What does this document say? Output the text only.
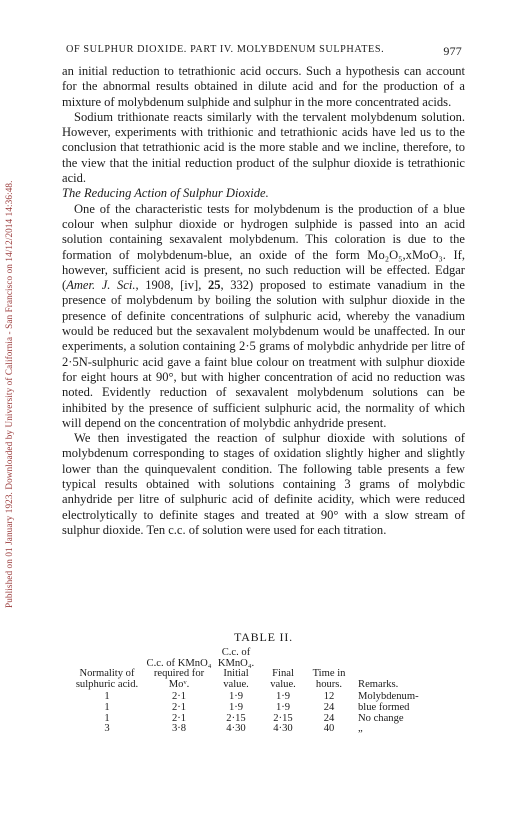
Published on 01 January 1923. Downloaded by University of California - San Francisco on 14/12/2014 14:36:48.
OF SULPHUR DIOXIDE. PART IV. MOLYBDENUM SULPHATES.	977

an initial reduction to tetrathionic acid occurs. Such a hypothesis can account for the abnormal results obtained in dilute acid and for the production of a mixture of molybdenum sulphide and sulphur in the more concentrated acids.

Sodium trithionate reacts similarly with the tervalent molybdenum solution. However, experiments with trithionic and tetrathionic acids have led us to the conclusion that tetrathionic acid is the more stable and we incline, therefore, to the view that the initial reduction product of the sulphur dioxide is tetrathionic acid.

The Reducing Action of Sulphur Dioxide.

One of the characteristic tests for molybdenum is the production of a blue colour when sulphur dioxide or hydrogen sulphide is passed into an acid solution containing sexavalent molybdenum. This coloration is due to the formation of molybdenum-blue, an oxide of the form Mo₂O₅,xMoO₃. If, however, sufficient acid is present, no such reduction will be effected. Edgar (Amer. J. Sci., 1908, [iv], 25, 332) proposed to estimate vanadium in the presence of molybdenum by boiling the solution with sulphur dioxide in the presence of definite concentrations of sulphuric acid, whereby the vanadium would be reduced but the sexavalent molybdenum would be unaffected. In our experiments, a solution containing 2·5 grams of molybdic anhydride per litre of 2·5N-sulphuric acid gave a faint blue colour on treatment with sulphur dioxide for eight hours at 90°, but with higher concentration of acid no reduction was noted. Evidently reduction of sexavalent molybdenum solutions can be inhibited by the presence of sufficient sulphuric acid, the normality of which will depend on the concentration of molybdic anhydride present.

We then investigated the reaction of sulphur dioxide with solutions of molybdenum corresponding to stages of oxidation slightly higher and slightly lower than the quinquevalent condition. The following table presents a few typical results obtained with solutions containing 3 grams of molybdic anhydride per litre of sulphuric acid of definite acidity, which were reduced electrolytically to definite stages and treated at 90° with a slow stream of sulphur dioxide. Ten c.c. of solution were used for each titration.

TABLE II.
Normality of sulphuric acid.	C.c. of KMnO₄ required for Moᵛ.	C.c. of KMnO₄. Initial value.	Final value.	Time in hours.	Remarks.
1	2·1	1·9	1·9	12	Molybdenum-
1	2·1	1·9	1·9	24	blue formed
1	2·1	2·15	2·15	24	No change
3	3·8	4·30	4·30	40	„
